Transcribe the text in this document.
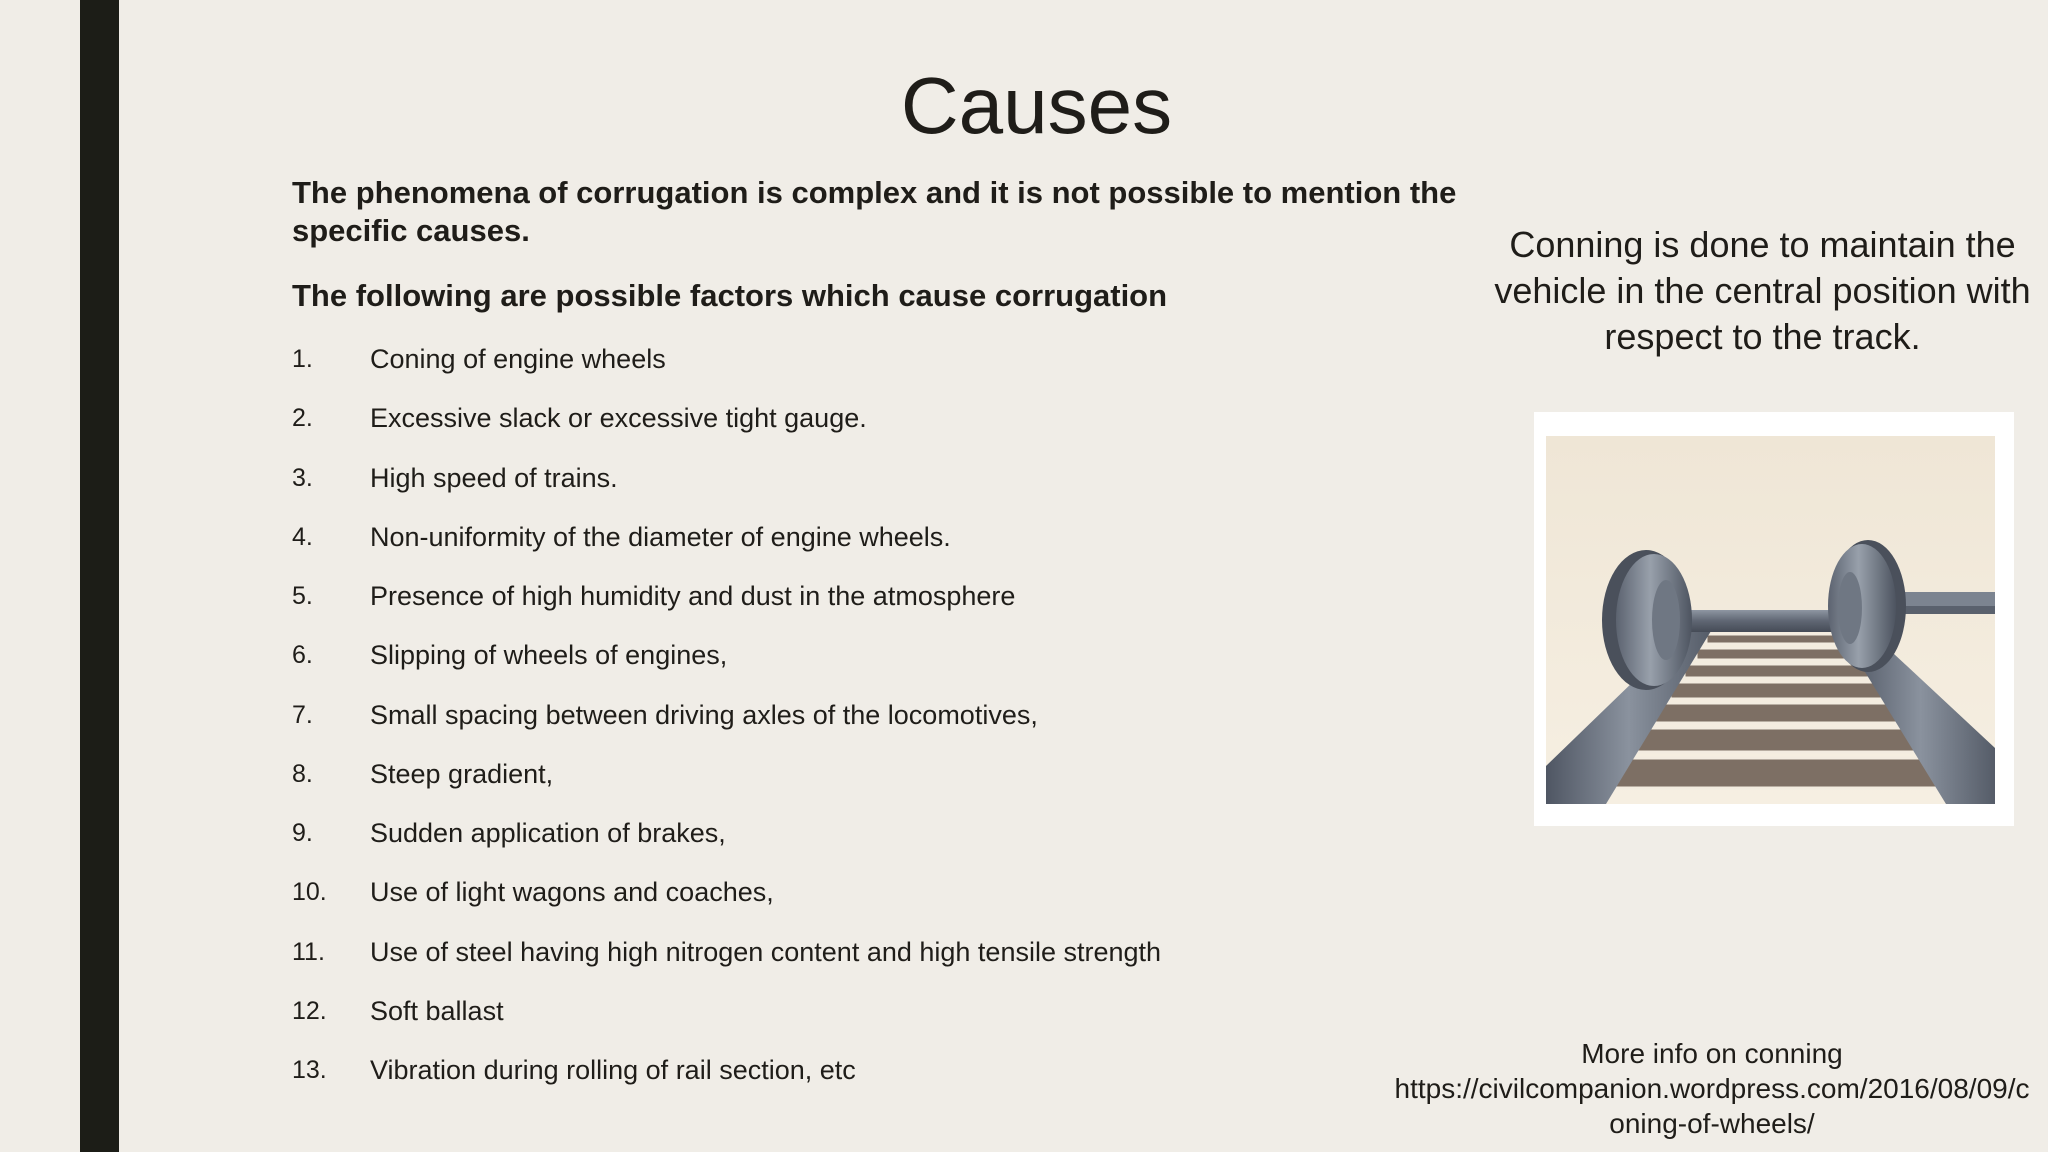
Causes

The phenomena of corrugation is complex and it is not possible to mention the specific causes.

The following are possible factors which cause corrugation

1.	Coning of engine wheels
2.	Excessive slack or excessive tight gauge.
3.	High speed of trains.
4.	Non-uniformity of the diameter of engine wheels.
5.	Presence of high humidity and dust in the atmosphere
6.	Slipping of wheels of engines,
7.	Small spacing between driving axles of the locomotives,
8.	Steep gradient,
9.	Sudden application of brakes,
10.	Use of light wagons and coaches,
11.	Use of steel having high nitrogen content and high tensile strength
12.	Soft ballast
13.	Vibration during rolling of rail section, etc

Conning is done to maintain the vehicle in the central position with respect to the track.

More info on conning
https://civilcompanion.wordpress.com/2016/08/09/coning-of-wheels/
